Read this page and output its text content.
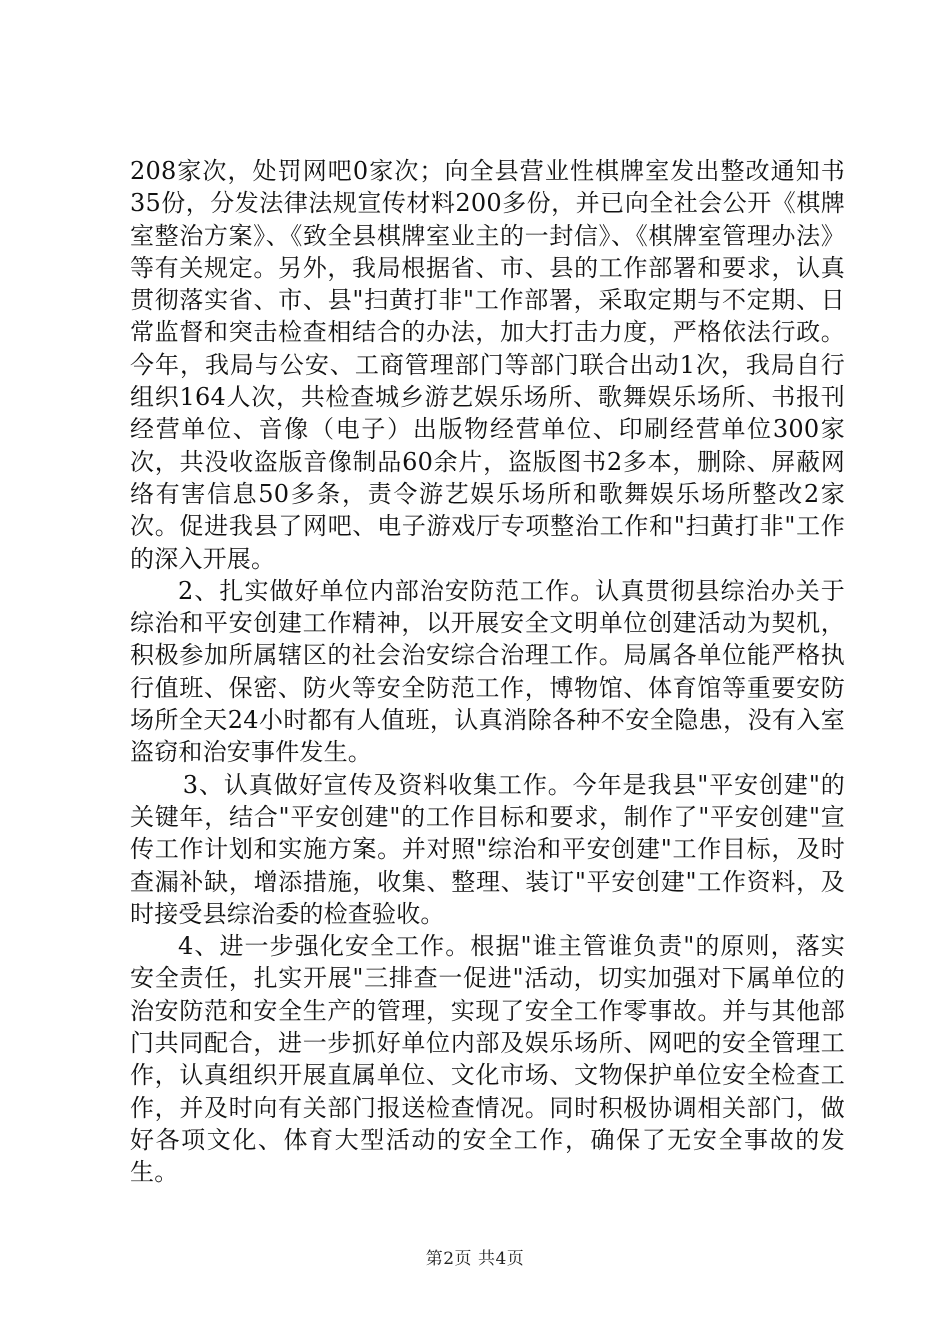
208家次，处罚网吧0家次；向全县营业性棋牌室发出整改通知书35份，分发法律法规宣传材料200多份，并已向全社会公开《棋牌室整治方案》、《致全县棋牌室业主的一封信》、《棋牌室管理办法》等有关规定。另外，我局根据省、市、县的工作部署和要求，认真贯彻落实省、市、县"扫黄打非"工作部署，采取定期与不定期、日常监督和突击检查相结合的办法，加大打击力度，严格依法行政。今年，我局与公安、工商管理部门等部门联合出动1次，我局自行组织164人次，共检查城乡游艺娱乐场所、歌舞娱乐场所、书报刊经营单位、音像（电子）出版物经营单位、印刷经营单位300家次，共没收盗版音像制品60余片，盗版图书2多本，删除、屏蔽网络有害信息50多条，责令游艺娱乐场所和歌舞娱乐场所整改2家次。促进我县了网吧、电子游戏厅专项整治工作和"扫黄打非"工作的深入开展。

2、扎实做好单位内部治安防范工作。认真贯彻县综治办关于综治和平安创建工作精神，以开展安全文明单位创建活动为契机，积极参加所属辖区的社会治安综合治理工作。局属各单位能严格执行值班、保密、防火等安全防范工作，博物馆、体育馆等重要安防场所全天24小时都有人值班，认真消除各种不安全隐患，没有入室盗窃和治安事件发生。

3、认真做好宣传及资料收集工作。今年是我县"平安创建"的关键年，结合"平安创建"的工作目标和要求，制作了"平安创建"宣传工作计划和实施方案。并对照"综治和平安创建"工作目标，及时查漏补缺，增添措施，收集、整理、装订"平安创建"工作资料，及时接受县综治委的检查验收。

4、进一步强化安全工作。根据"谁主管谁负责"的原则，落实安全责任，扎实开展"三排查一促进"活动，切实加强对下属单位的治安防范和安全生产的管理，实现了安全工作零事故。并与其他部门共同配合，进一步抓好单位内部及娱乐场所、网吧的安全管理工作，认真组织开展直属单位、文化市场、文物保护单位安全检查工作，并及时向有关部门报送检查情况。同时积极协调相关部门，做好各项文化、体育大型活动的安全工作，确保了无安全事故的发生。

第2页 共4页
